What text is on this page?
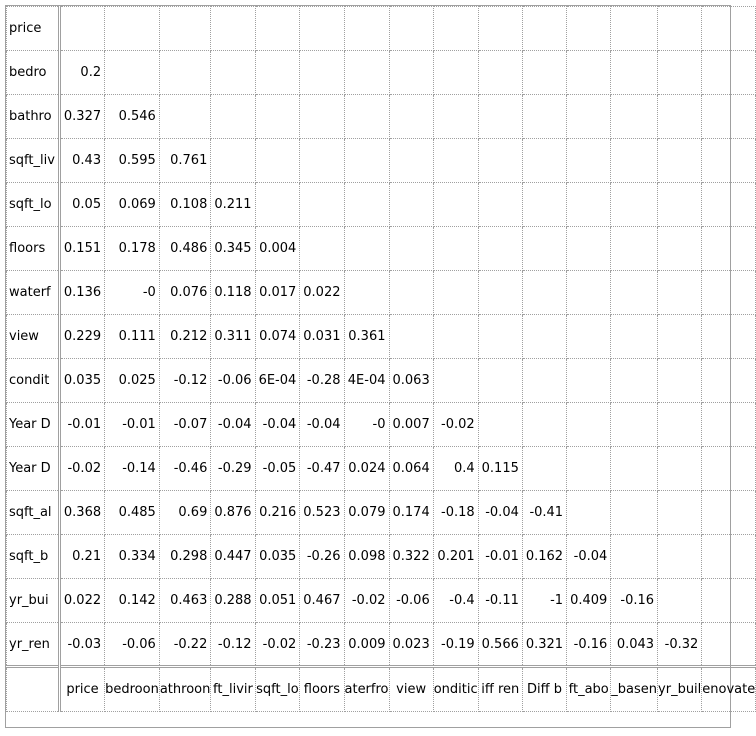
price															
bedro	0.2														
bathro	0.327	0.546													
sqft_liv	0.43	0.595	0.761												
sqft_lo	0.05	0.069	0.108	0.211											
floors	0.151	0.178	0.486	0.345	0.004										
waterf	0.136	-0	0.076	0.118	0.017	0.022									
view	0.229	0.111	0.212	0.311	0.074	0.031	0.361								
condit	0.035	0.025	-0.12	-0.06	6E-04	-0.28	4E-04	0.063							
Year D	-0.01	-0.01	-0.07	-0.04	-0.04	-0.04	-0	0.007	-0.02						
Year D	-0.02	-0.14	-0.46	-0.29	-0.05	-0.47	0.024	0.064	0.4	0.115					
sqft_al	0.368	0.485	0.69	0.876	0.216	0.523	0.079	0.174	-0.18	-0.04	-0.41				
sqft_b	0.21	0.334	0.298	0.447	0.035	-0.26	0.098	0.322	0.201	-0.01	0.162	-0.04			
yr_bui	0.022	0.142	0.463	0.288	0.051	0.467	-0.02	-0.06	-0.4	-0.11	-1	0.409	-0.16		
yr_ren	-0.03	-0.06	-0.22	-0.12	-0.02	-0.23	0.009	0.023	-0.19	0.566	0.321	-0.16	0.043	-0.32	
	price	bedroon	athroon	ft_livir	sqft_lo	floors	aterfro	view	onditic	iff ren	Diff b	ft_abo	_basen	yr_buil	enovate
